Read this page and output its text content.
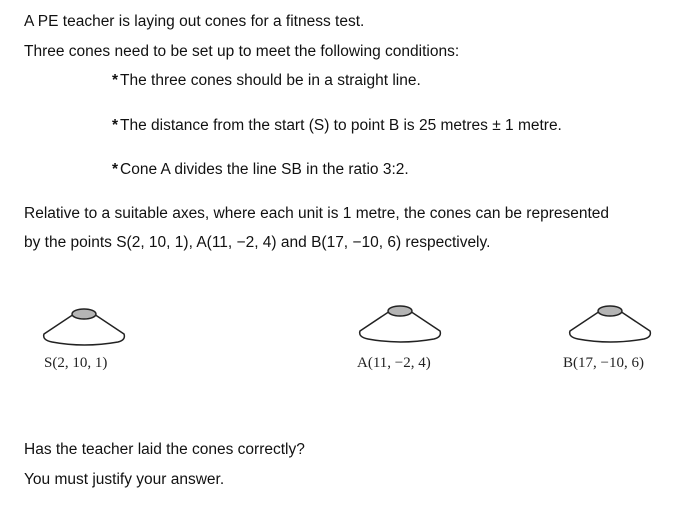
A PE teacher is laying out cones for a fitness test.
Three cones need to be set up to meet the following conditions:
* The three cones should be in a straight line.
* The distance from the start (S) to point B is 25 metres ± 1 metre.
* Cone A divides the line SB in the ratio 3:2.
Relative to a suitable axes, where each unit is 1 metre, the cones can be represented
by the points S(2, 10, 1), A(11, −2, 4) and B(17, −10, 6) respectively.
S(2, 10, 1)	A(11, −2, 4)	B(17, −10, 6)
Has the teacher laid the cones correctly?
You must justify your answer.
